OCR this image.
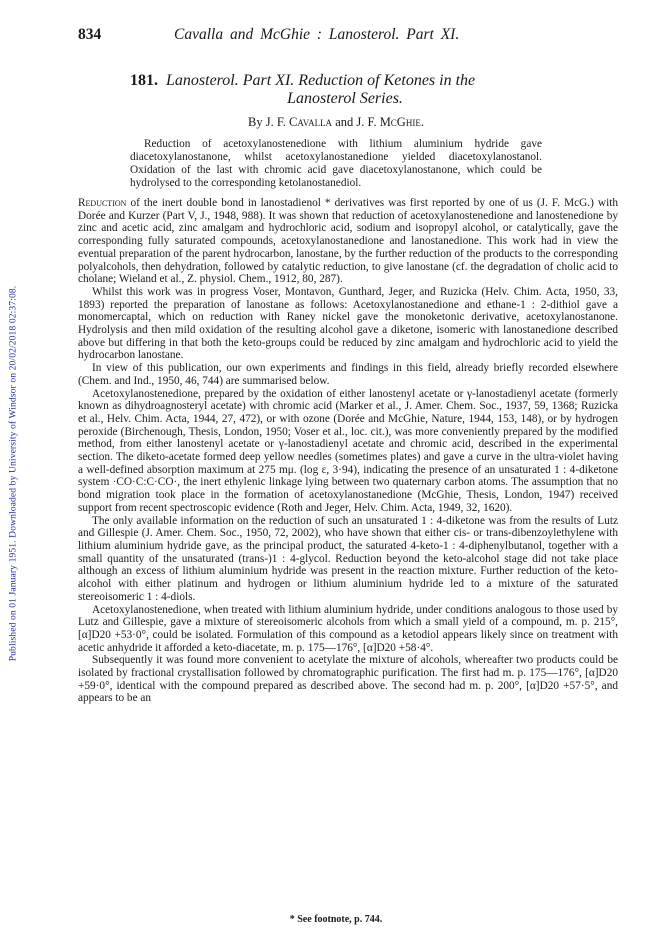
Published on 01 January 1951. Downloaded by University of Windsor on 20/02/2018 02:37:08.
834	Cavalla and McGhie : Lanosterol. Part XI.
181. Lanosterol. Part XI. Reduction of Ketones in the
Lanosterol Series.
By J. F. Cavalla and J. F. McGhie.
Reduction of acetoxylanostenedione with lithium aluminium hydride gave diacetoxylanostanone, whilst acetoxylanostanedione yielded diacetoxylanostanol. Oxidation of the last with chromic acid gave diacetoxylanostanone, which could be hydrolysed to the corresponding ketolanostanediol.

Reduction of the inert double bond in lanostadienol * derivatives was first reported by one of us (J. F. McG.) with Dorée and Kurzer (Part V, J., 1948, 988). It was shown that reduction of acetoxylanostenedione and lanostenedione by zinc and acetic acid, zinc amalgam and hydrochloric acid, sodium and isopropyl alcohol, or catalytically, gave the corresponding fully saturated compounds, acetoxylanostanedione and lanostanedione. This work had in view the eventual preparation of the parent hydrocarbon, lanostane, by the further reduction of the products to the corresponding polyalcohols, then dehydration, followed by catalytic reduction, to give lanostane (cf. the degradation of cholic acid to cholane; Wieland et al., Z. physiol. Chem., 1912, 80, 287).

Whilst this work was in progress Voser, Montavon, Gunthard, Jeger, and Ruzicka (Helv. Chim. Acta, 1950, 33, 1893) reported the preparation of lanostane as follows: Acetoxylanostanedione and ethane-1 : 2-dithiol gave a monomercaptal, which on reduction with Raney nickel gave the monoketonic derivative, acetoxylanostanone. Hydrolysis and then mild oxidation of the resulting alcohol gave a diketone, isomeric with lanostanedione described above but differing in that both the keto-groups could be reduced by zinc amalgam and hydrochloric acid to yield the hydrocarbon lanostane.

In view of this publication, our own experiments and findings in this field, already briefly recorded elsewhere (Chem. and Ind., 1950, 46, 744) are summarised below.

Acetoxylanostenedione, prepared by the oxidation of either lanostenyl acetate or γ-lanostadienyl acetate (formerly known as dihydroagnosteryl acetate) with chromic acid (Marker et al., J. Amer. Chem. Soc., 1937, 59, 1368; Ruzicka et al., Helv. Chim. Acta, 1944, 27, 472), or with ozone (Dorée and McGhie, Nature, 1944, 153, 148), or by hydrogen peroxide (Birchenough, Thesis, London, 1950; Voser et al., loc. cit.), was more conveniently prepared by the modified method, from either lanostenyl acetate or γ-lanostadienyl acetate and chromic acid, described in the experimental section. The diketo-acetate formed deep yellow needles (sometimes plates) and gave a curve in the ultra-violet having a well-defined absorption maximum at 275 mμ. (log ε, 3·94), indicating the presence of an unsaturated 1 : 4-diketone system ·CO·C:C·CO·, the inert ethylenic linkage lying between two quaternary carbon atoms. The assumption that no bond migration took place in the formation of acetoxylanostanedione (McGhie, Thesis, London, 1947) received support from recent spectroscopic evidence (Roth and Jeger, Helv. Chim. Acta, 1949, 32, 1620).

The only available information on the reduction of such an unsaturated 1 : 4-diketone was from the results of Lutz and Gillespie (J. Amer. Chem. Soc., 1950, 72, 2002), who have shown that either cis- or trans-dibenzoylethylene with lithium aluminium hydride gave, as the principal product, the saturated 4-keto-1 : 4-diphenylbutanol, together with a small quantity of the unsaturated (trans-)1 : 4-glycol. Reduction beyond the keto-alcohol stage did not take place although an excess of lithium aluminium hydride was present in the reaction mixture. Further reduction of the keto-alcohol with either platinum and hydrogen or lithium aluminium hydride led to a mixture of the saturated stereoisomeric 1 : 4-diols.

Acetoxylanostenedione, when treated with lithium aluminium hydride, under conditions analogous to those used by Lutz and Gillespie, gave a mixture of stereoisomeric alcohols from which a small yield of a compound, m. p. 215°, [α]D20 +53·0°, could be isolated. Formulation of this compound as a ketodiol appears likely since on treatment with acetic anhydride it afforded a keto-diacetate, m. p. 175—176°, [α]D20 +58·4°.

Subsequently it was found more convenient to acetylate the mixture of alcohols, whereafter two products could be isolated by fractional crystallisation followed by chromatographic purification. The first had m. p. 175—176°, [α]D20 +59·0°, identical with the compound prepared as described above. The second had m. p. 200°, [α]D20 +57·5°, and appears to be an

* See footnote, p. 744.
